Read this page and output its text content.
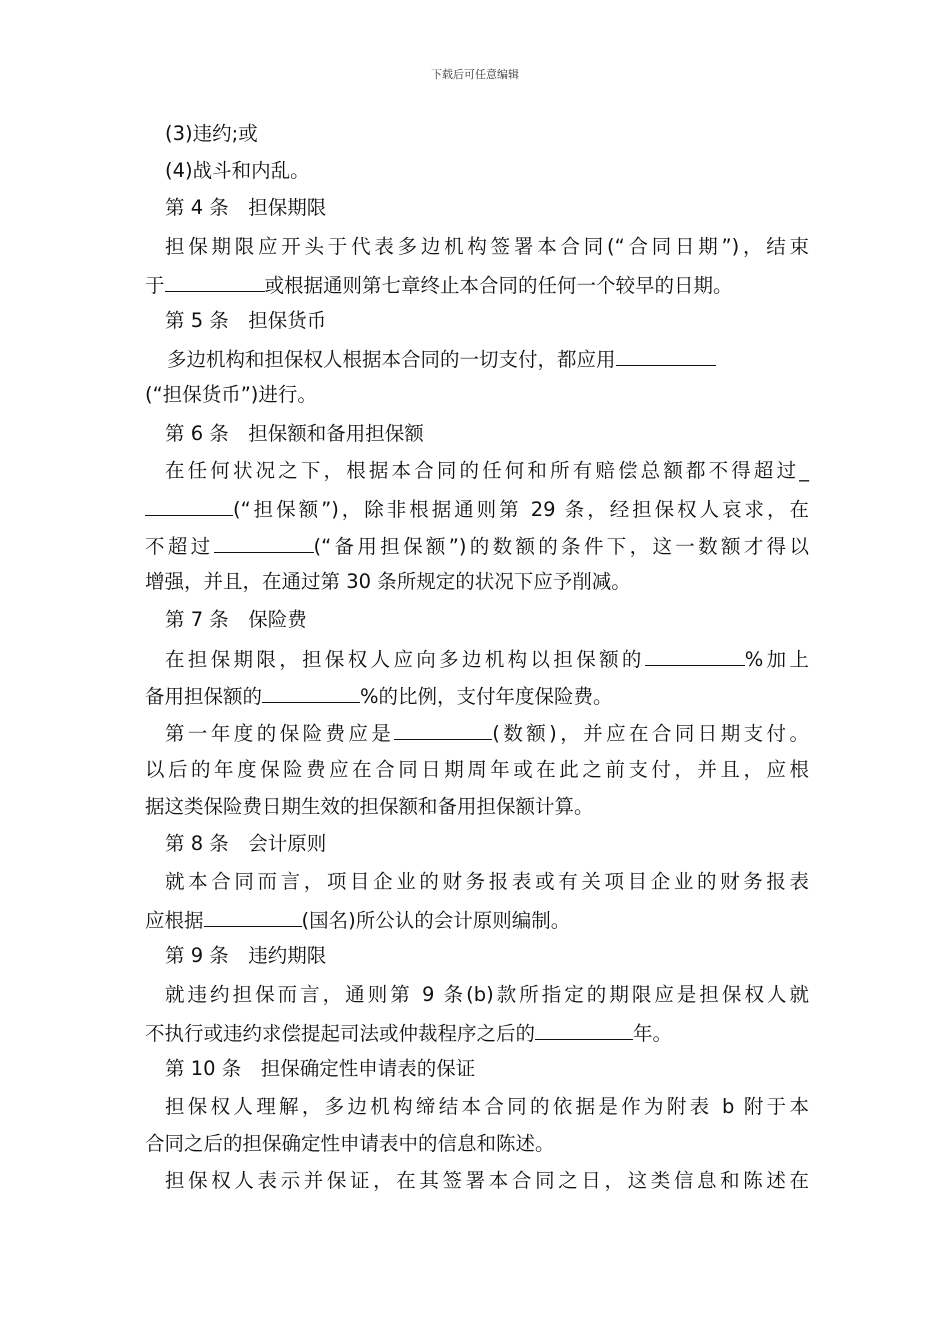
下载后可任意编辑
(3)违约;或
(4)战斗和内乱。
第 4 条　担保期限
担保期限应开头于代表多边机构签署本合同(“合同日期”)，结束
于	或根据通则第七章终止本合同的任何一个较早的日期。
第 5 条　担保货币
多边机构和担保权人根据本合同的一切支付，都应用
(“担保货币”)进行。
第 6 条　担保额和备用担保额
在任何状况之下，根据本合同的任何和所有赔偿总额都不得超过_
(“担保额”)，除非根据通则第 29 条，经担保权人哀求，在
不超过	(“备用担保额”)的数额的条件下，这一数额才得以
增强，并且，在通过第 30 条所规定的状况下应予削减。
第 7 条　保险费
在担保期限，担保权人应向多边机构以担保额的	%加上
备用担保额的	%的比例，支付年度保险费。
第一年度的保险费应是	(数额)，并应在合同日期支付。
以后的年度保险费应在合同日期周年或在此之前支付，并且，应根
据这类保险费日期生效的担保额和备用担保额计算。
第 8 条　会计原则
就本合同而言，项目企业的财务报表或有关项目企业的财务报表
应根据	(国名)所公认的会计原则编制。
第 9 条　违约期限
就违约担保而言，通则第 9 条(b)款所指定的期限应是担保权人就
不执行或违约求偿提起司法或仲裁程序之后的	年。
第 10 条　担保确定性申请表的保证
担保权人理解，多边机构缔结本合同的依据是作为附表 b 附于本
合同之后的担保确定性申请表中的信息和陈述。
担保权人表示并保证，在其签署本合同之日，这类信息和陈述在
